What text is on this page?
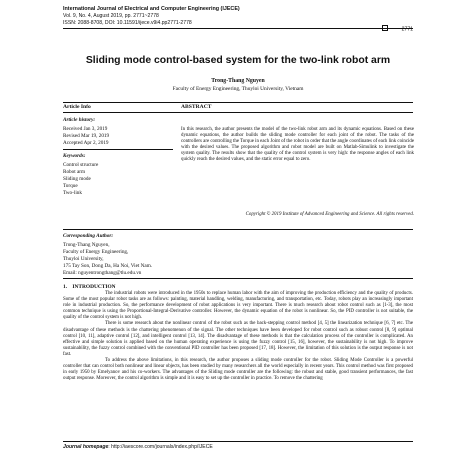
International Journal of Electrical and Computer Engineering (IJECE)
Vol. 9, No. 4, August 2019, pp. 2771~2778
ISSN: 2088-8708, DOI: 10.11591/ijece.v9i4.pp2771-2778
2771
Sliding mode control-based system for the two-link robot arm
Trong-Thang Nguyen
Faculty of Energy Engineering, Thuyloi University, Vietnam
Article Info	ABSTRACT
Article history:
Received Jan 3, 2019
Revised Mar 19, 2019
Accepted Apr 2, 2019
Keywords:
Control structure
Robot arm
Sliding mode
Torque
Two-link
Corresponding Author:
Trong-Thang Nguyen,
Faculty of Energy Engineering,
Thuyloi University,
175 Tay Son, Dong Da, Ha Noi, Viet Nam.
Email: nguyentrongthang@tlu.edu.vn
In this research, the author presents the model of the two-link robot arm and its dynamic equations. Based on these dynamic equations, the author builds the sliding mode controller for each joint of the robot. The tasks of the controllers are controlling the Torque in each Joint of the robot in order that the angle coordinates of each link coincide with the desired values. The proposed algorithm and robot model are built on Matlab-Simulink to investigate the system quality. The results show that the quality of the control system is very high: the response angles of each link quickly reach the desired values, and the static error equal to zero.
Copyright © 2019 Institute of Advanced Engineering and Science. All rights reserved.
1.    INTRODUCTION

The industrial robots were introduced in the 1950s to replace human labor with the aim of improving the production efficiency and the quality of products. Some of the most popular robot tasks are as follows: painting, material handling, welding, manufacturing, and transportation, etc. Today, robots play an increasingly important role in industrial production. So, the performance development of robot applications is very important. There is much research about robot control such as [1-3], the most common technique is using the Proportional-Integral-Derivative controller. However, the dynamic equation of the robot is nonlinear. So, the PID controller is not suitable, the quality of the control system is not high.

There is some research about the nonlinear control of the robot such as the back-stepping control method [4, 5] the linearization technique [6, 7] etc. The disadvantage of these methods is the chattering phenomenon of the signal. The other techniques have been developed for robot control such as robust control [8, 9] optimal control [10, 11], adaptive control [12], and intelligent control [13, 14]. The disadvantage of these methods is that the calculation process of the controller is complicated. An effective and simple solution is applied based on the human operating experience is using the fuzzy control [15, 16], however, the sustainability is not high. To improve sustainability, the fuzzy control combined with the conventional PID controller has been proposed [17, 18]. However, the limitation of this solution is the output response is not fast.

To address the above limitations, in this research, the author proposes a sliding mode controller for the robot. Sliding Mode Controller is a powerful controller that can control both nonlinear and linear objects, has been studied by many researchers all the world especially in recent years. This control method was first proposed in early 1950 by Emelyanov and his co-workers. The advantages of the Sliding mode controller are the following: the robust and stable, good transient performances, the fast output response. Moreover, the control algorithm is simple and it is easy to set up the controller in practice. To remove the chattering

Journal homepage: http://iaescore.com/journals/index.php/IJECE
